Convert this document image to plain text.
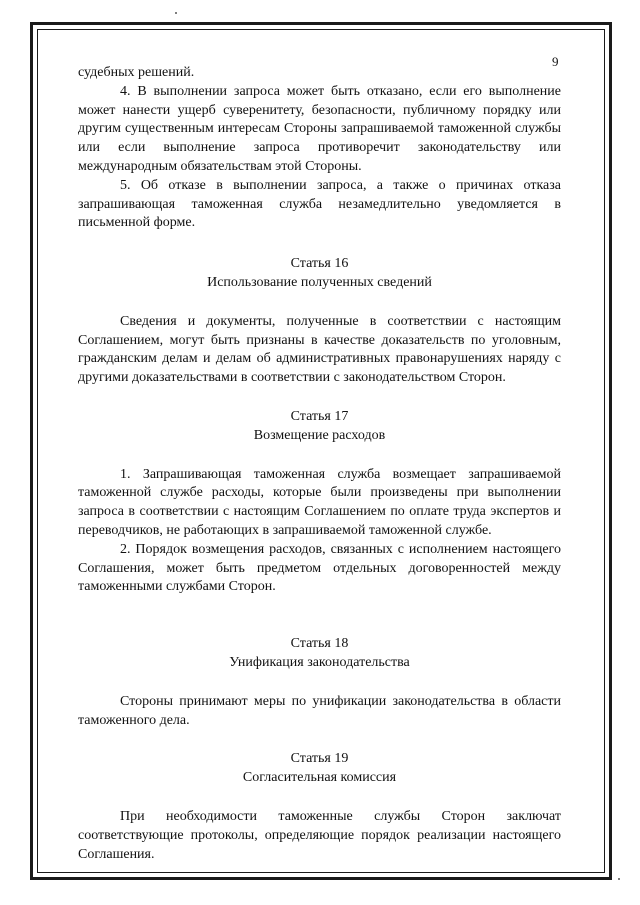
9

судебных решений.

4. В выполнении запроса может быть отказано, если его выполнение может нанести ущерб суверенитету, безопасности, публичному порядку или другим существенным интересам Стороны запрашиваемой таможенной службы или если выполнение запроса противоречит законодательству или международным обязательствам этой Стороны.

5. Об отказе в выполнении запроса, а также о причинах отказа запрашивающая таможенная служба незамедлительно уведомляется в письменной форме.

Статья 16

Использование полученных сведений

Сведения и документы, полученные в соответствии с настоящим Соглашением, могут быть признаны в качестве доказательств по уголовным, гражданским делам и делам об административных правонарушениях наряду с другими доказательствами в соответствии с законодательством Сторон.

Статья 17

Возмещение расходов

1. Запрашивающая таможенная служба возмещает запрашиваемой таможенной службе расходы, которые были произведены при выполнении запроса в соответствии с настоящим Соглашением по оплате труда экспертов и переводчиков, не работающих в запрашиваемой таможенной службе.

2. Порядок возмещения расходов, связанных с исполнением настоящего Соглашения, может быть предметом отдельных договоренностей между таможенными службами Сторон.

Статья 18

Унификация законодательства

Стороны принимают меры по унификации законодательства в области таможенного дела.

Статья 19

Согласительная комиссия

При необходимости таможенные службы Сторон заключат соответствующие протоколы, определяющие порядок реализации настоящего Соглашения.
